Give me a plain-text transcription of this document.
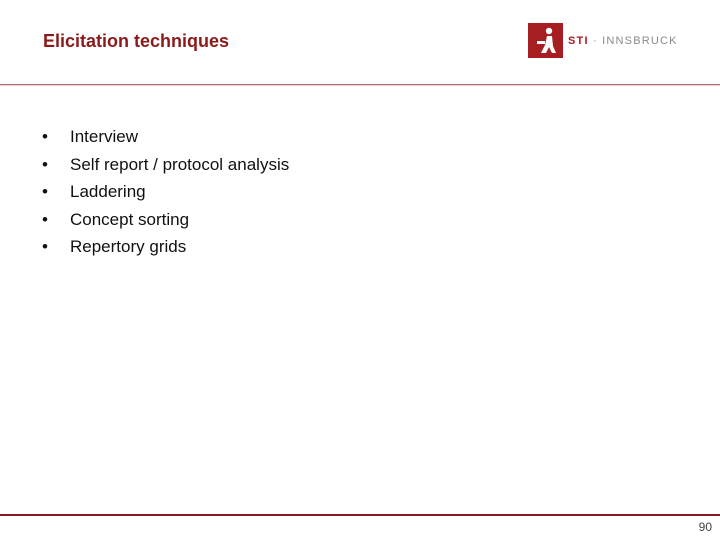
Elicitation techniques	STI · INNSBRUCK
•	Interview
•	Self report / protocol analysis
•	Laddering
•	Concept sorting
•	Repertory grids
90
